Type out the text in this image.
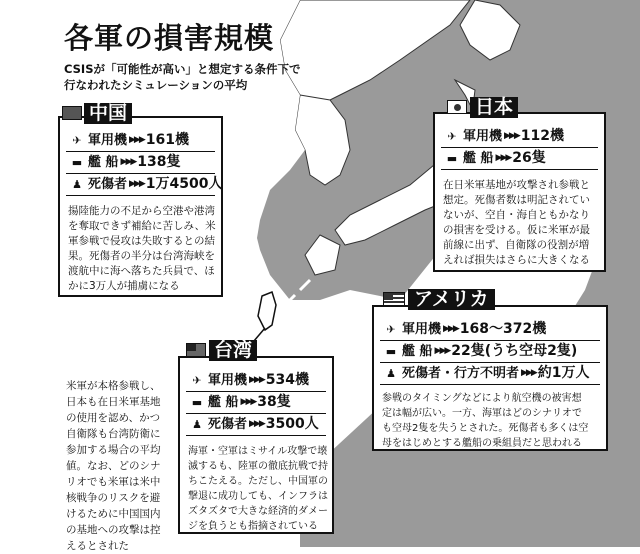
各軍の損害規模
CSISが「可能性が高い」と想定する条件下で
行なわれたシミュレーションの平均
✈ 軍用機 ▶▶▶ 161機
▬ 艦 船 ▶▶▶ 138隻
♟ 死傷者 ▶▶▶ 1万4500人
揚陸能力の不足から空港や港湾
を奪取できず補給に苦しみ、米
軍参戦で侵攻は失敗するとの結
果。死傷者の半分は台湾海峡を
渡航中に海へ落ちた兵員で、ほ
かに3万人が捕虜になる
中国
✈ 軍用機 ▶▶▶ 112機
▬ 艦 船 ▶▶▶ 26隻
在日米軍基地が攻撃され参戦と
想定。死傷者数は明記されてい
ないが、空自・海自ともかなり
の損害を受ける。仮に米軍が最
前線に出ず、自衛隊の役割が増
えれば損失はさらに大きくなる
日本
✈ 軍用機 ▶▶▶ 168～372機
▬ 艦 船 ▶▶▶ 22隻(うち空母2隻)
♟ 死傷者・行方不明者 ▶▶▶ 約1万人
参戦のタイミングなどにより航空機の被害想
定は幅が広い。一方、海軍はどのシナリオで
も空母2隻を失うとされた。死傷者も多くは空
母をはじめとする艦船の乗組員だと思われる
アメリカ
✈ 軍用機 ▶▶▶ 534機
▬ 艦 船 ▶▶▶ 38隻
♟ 死傷者 ▶▶▶ 3500人
海軍・空軍はミサイル攻撃で壊
滅するも、陸軍の徹底抗戦で持
ちこたえる。ただし、中国軍の
撃退に成功しても、インフラは
ズタズタで大きな経済的ダメー
ジを負うとも指摘されている
台湾
米軍が本格参戦し、
日本も在日米軍基地
の使用を認め、かつ
自衛隊も台湾防衛に
参加する場合の平均
値。なお、どのシナ
リオでも米軍は米中
核戦争のリスクを避
けるために中国国内
の基地への攻撃は控
えるとされた
